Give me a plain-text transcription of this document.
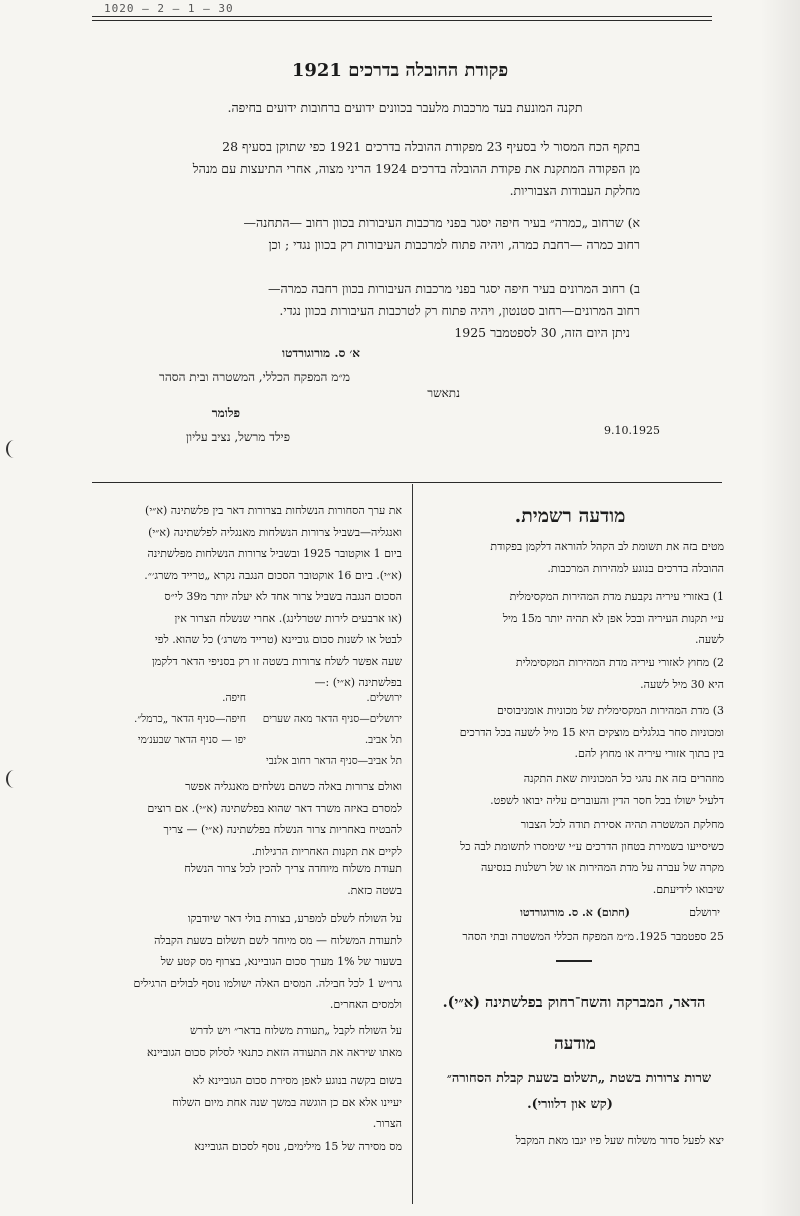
1020 — 2 — 1 — 30
פקודת ההובלה בדרכים 1921
תקנה המונעת בעד מרכבות מלעבר בכוונים ידועים ברחובות ידועים בחיפה.
בתקף הכח המסור לי בסעיף 23 מפקודת ההובלה בדרכים 1921 כפי שתוקן בסעיף 28
מן הפקודה המתקנת את פקודת ההובלה בדרכים 1924 הריני מצוה, אחרי התיעצות עם מנהל
מחלקת העבודות הצבוריות.
א) שרחוב „כמרה״ בעיר חיפה יסגר בפני מרכבות העיבורות בכוון רחוב —התחנה—
רחוב כמרה —רחבת כמרה, ויהיה פתוח למרכבות העיבורות רק בכוון נגדי ; וכן
ב) רחוב המרונים בעיר חיפה יסגר בפני מרכבות העיבורות בכוון רחבה כמרה—
רחוב המרונים—רחוב סטנטון, ויהיה פתוח רק לטרכבות העיבורות בכוון נגדי.
ניתן היום הזה, 30 לספטמבר 1925
א׳ ס. מורוגורדטו
מ״מ המפקח הכללי, המשטרה ובית הסהר
נתאשר
פלומר
פילד מרשל, נציב עליון	9.10.1925
מודעה רשמית.
מטים בזה את תשומת לב הקהל להוראה דלקמן בפקודת
ההובלה בדרכים בנוגע למהירות המרכבות.
1) באזורי עיריה נקבעת מדת המהירות המקסימלית
ע״י תקנות העיריה ובכל אפן לא תהיה יותר מ15 מיל
לשעה.
2) מחוץ לאזורי עיריה מדת המהירות המקסימלית
היא 30 מיל לשעה.
3) מדת המהירות המקסימלית של מכוניות אומניבוסים
ומכוניות סחר בגלגלים מוצקים היא 15 מיל לשעה בכל הדרכים
בין בתוך אזורי עיריה או מחוץ להם.
מוזהרים בזה את נהגי כל המכוניות שאת התקנה
דלעיל ישולו בכל חסר הדין והעוברים עליה יבואו לשפט.
מחלקת המשטרה תהיה אסירת תודה לכל הצבור
כשיסייעו בשמירת בטחון הדרכים ע״י שימסרו לתשומת לבה כל
מקרה של עברה על מדת המהירות או של רשלנות בנסיעה
שיבואו לידיעתם.
ירושלם
(חתום) א. ס. מורוגורדטו
25 ספטמבר 1925.
מ״מ המפקח הכללי המשטרה ובתי הסהר
הדאר, המברקה והשח־רחוק בפלשתינה (א״י).
מודעה
שרות צרורות בשטת „תשלום בשעת קבלת הסחורה״
(קש און דלוורי).
יצא לפעל סדור משלוח שעל פיו יגבו מאת המקבל
את ערך הסחורות הנשלחות בצרורות דאר בין פלשתינה (א״י)
ואנגליה—בשביל צרורות הנשלחות מאנגליה לפלשתינה (א״י)
ביום 1 אוקטובר 1925 ובשביל צרורות הנשלחות מפלשתינה
(א״י). ביום 16 אוקטובר הסכום הנגבה נקרא „טרייד משרג׳״.
הסכום הנגבה בשביל צרור אחד לא יעלה יותר מ39 לי״ס
(או ארבעים לירות שטרלינג). אחרי שנשלח הצרור אין
לבטל או לשנות סכום גוביינא (טרייד משרג׳) כל שהוא. לפי
שעה אפשר לשלח צרורות בשטה זו רק בסניפי הדאר דלקמן
בפלשתינה (א״י) :—
ירושלים.
ירושלים—סניף הדאר מאה שערים
תל אביב.
תל אביב—סניף הדאר רחוב אלנבי
חיפה.
חיפה—סניף הדאר „כרמל״.
יפו — סניף הדאר שבענ׳מי
ואולם צרורות באלה כשהם נשלחים מאנגליה אפשר
למסרם באיזה משרד דאר שהוא בפלשתינה (א״י). אם רוצים
להבטיח באחריות צרור הנשלח בפלשתינה (א״י) — צריך
לקיים את תקנות האחריות הרגילות.
תעודת משלוח מיוחדה צריך להכין לכל צרור הנשלח
בשטה כזאת.
על השולח לשלם למפרע, בצורת בולי דאר שיודבקו
לתעודת המשלוח — מס מיוחד לשם תשלום בשעת הקבלה
בשעור של 1% מערך סכום הגוביינא, בצרוף מס קטע של
גרו״ש 1 לכל חבילה. המסים האלה ישולמו נוסף לבולים הרגילים
ולמסים האחרים.
על השולח לקבל „תעודת משלוח בדאר״ ויש לדרש
מאתו שיראה את התעודה הזאת כתנאי לסלוק סכום הגוביינא
בשום בקשה בנוגע לאפן מסירת סכום הגוביינא לא
יעיינו אלא אם כן הוגשה במשך שנה אחת מיום השלוח
הצרור.
מס מסירה של 15 מילימים, נוסף לסכום הגוביינא
